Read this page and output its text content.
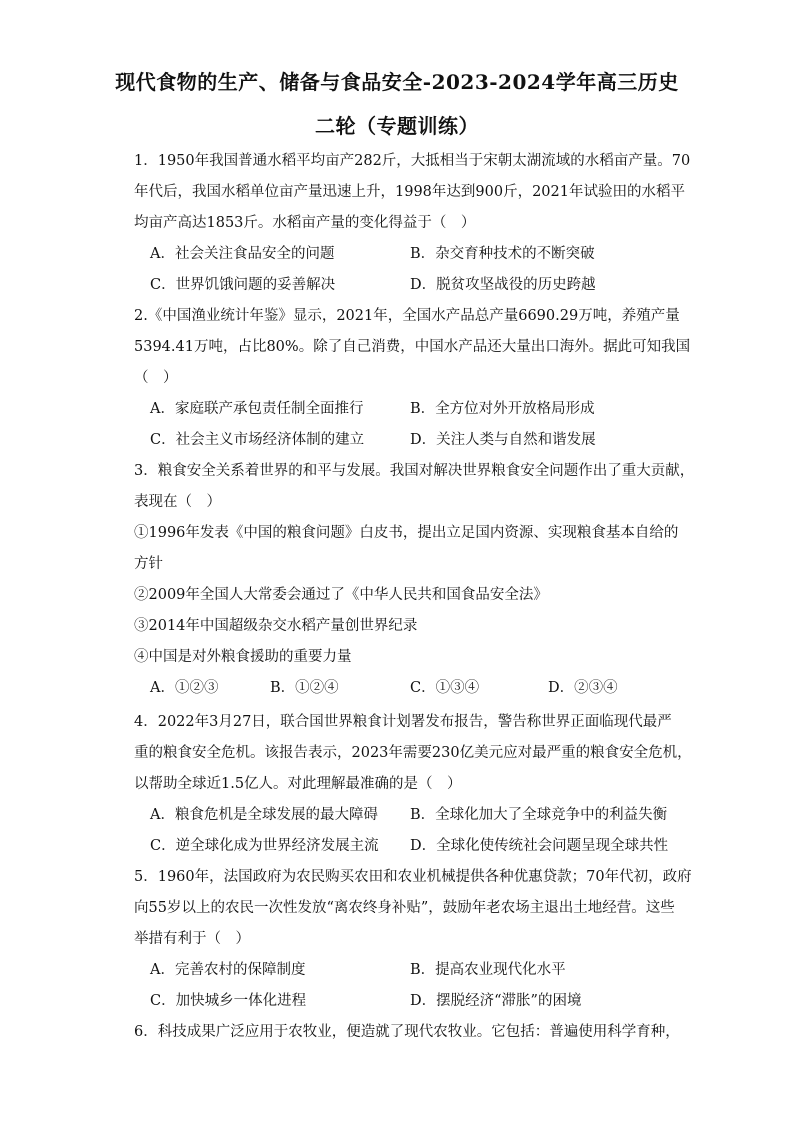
现代食物的生产、储备与食品安全-2023-2024学年高三历史
二轮（专题训练）
1．1950年我国普通水稻平均亩产282斤，大抵相当于宋朝太湖流域的水稻亩产量。70
年代后，我国水稻单位亩产量迅速上升，1998年达到900斤，2021年试验田的水稻平
均亩产高达1853斤。水稻亩产量的变化得益于（　）
A．社会关注食品安全的问题	B．杂交育种技术的不断突破
C．世界饥饿问题的妥善解决	D．脱贫攻坚战役的历史跨越
2.《中国渔业统计年鉴》显示，2021年，全国水产品总产量6690.29万吨，养殖产量
5394.41万吨，占比80%。除了自己消费，中国水产品还大量出口海外。据此可知我国
（　）
A．家庭联产承包责任制全面推行	B．全方位对外开放格局形成
C．社会主义市场经济体制的建立	D．关注人类与自然和谐发展
3．粮食安全关系着世界的和平与发展。我国对解决世界粮食安全问题作出了重大贡献，
表现在（　）
①1996年发表《中国的粮食问题》白皮书，提出立足国内资源、实现粮食基本自给的
方针
②2009年全国人大常委会通过了《中华人民共和国食品安全法》
③2014年中国超级杂交水稻产量创世界纪录
④中国是对外粮食援助的重要力量
A．①②③	B．①②④	C．①③④	D．②③④
4．2022年3月27日，联合国世界粮食计划署发布报告，警告称世界正面临现代最严
重的粮食安全危机。该报告表示，2023年需要230亿美元应对最严重的粮食安全危机，
以帮助全球近1.5亿人。对此理解最准确的是（　）
A．粮食危机是全球发展的最大障碍 B．全球化加大了全球竞争中的利益失衡
C．逆全球化成为世界经济发展主流 D．全球化使传统社会问题呈现全球共性
5．1960年，法国政府为农民购买农田和农业机械提供各种优惠贷款；70年代初，政府
向55岁以上的农民一次性发放“离农终身补贴”，鼓励年老农场主退出土地经营。这些
举措有利于（　）
A．完善农村的保障制度	B．提高农业现代化水平
C．加快城乡一体化进程	D．摆脱经济“滞胀”的困境
6．科技成果广泛应用于农牧业，便造就了现代农牧业。它包括：普遍使用科学育种，
